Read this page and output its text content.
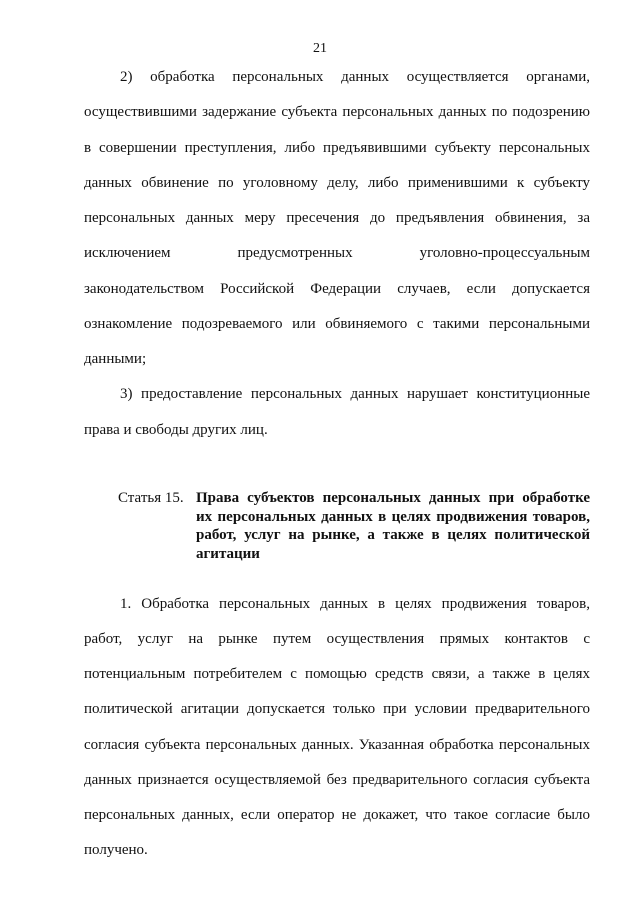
21
2) обработка персональных данных осуществляется органами,
осуществившими задержание субъекта персональных данных по подозрению
в совершении преступления, либо предъявившими субъекту персональных
данных обвинение по уголовному делу, либо применившими к субъекту
персональных данных меру пресечения до предъявления обвинения, за
исключением предусмотренных уголовно-процессуальным
законодательством Российской Федерации случаев, если допускается
ознакомление подозреваемого или обвиняемого с такими персональными
данными;
3) предоставление персональных данных нарушает конституционные
права и свободы других лиц.
Статья 15. Права субъектов персональных данных при обработке
их персональных данных в целях продвижения товаров,
работ, услуг на рынке, а также в целях политической
агитации
1. Обработка персональных данных в целях продвижения товаров,
работ, услуг на рынке путем осуществления прямых контактов с
потенциальным потребителем с помощью средств связи, а также в целях
политической агитации допускается только при условии предварительного
согласия субъекта персональных данных. Указанная обработка персональных
данных признается осуществляемой без предварительного согласия субъекта
персональных данных, если оператор не докажет, что такое согласие было
получено.
